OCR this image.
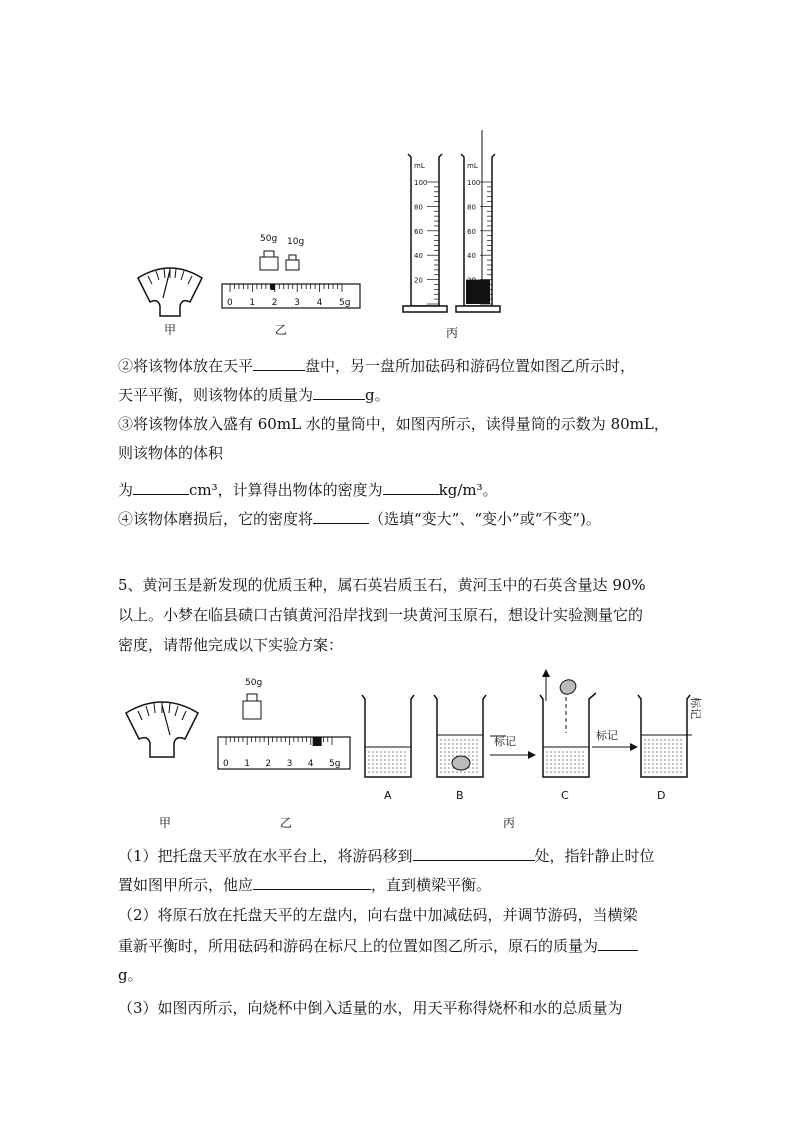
50g 10g
0 1 2 3 4 5g
mL
100
80
60
40
20
mL
100
80
60
40
甲	乙	丙
②将该物体放在天平	盘中，另一盘所加砝码和游码位置如图乙所示时，
天平平衡，则该物体的质量为	g。
③将该物体放入盛有 60mL 水的量筒中，如图丙所示，读得量筒的示数为 80mL，
则该物体的体积
为	cm³，计算得出物体的密度为	kg/m³。
④该物体磨损后，它的密度将	（选填“变大”、“变小”或“不变”)。
5、黄河玉是新发现的优质玉种，属石英岩质玉石，黄河玉中的石英含量达 90%
以上。小梦在临县碛口古镇黄河沿岸找到一块黄河玉原石，想设计实验测量它的
密度，请帮他完成以下实验方案：
50g
0 1 2 3 4 5g
标记	标记
标记
A	B	C	D
甲	乙	丙
（1）把托盘天平放在水平台上，将游码移到	处，指针静止时位
置如图甲所示，他应	，直到横梁平衡。
（2）将原石放在托盘天平的左盘内，向右盘中加减砝码，并调节游码，当横梁
重新平衡时，所用砝码和游码在标尺上的位置如图乙所示，原石的质量为
g。
（3）如图丙所示，向烧杯中倒入适量的水，用天平称得烧杯和水的总质量为
